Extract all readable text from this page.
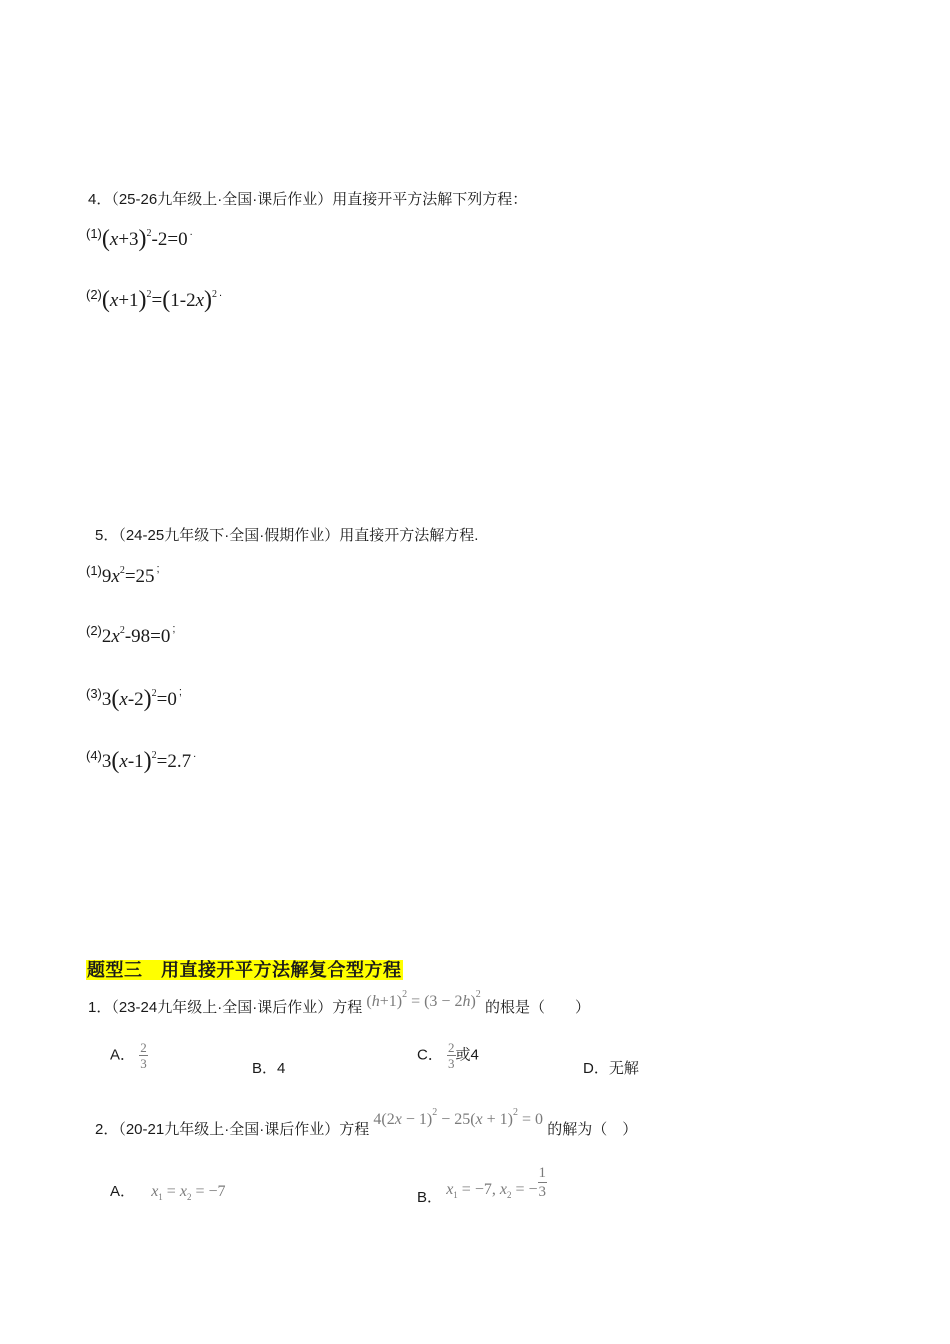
4．（25-26九年级上·全国·课后作业）用直接开平方法解下列方程：
$(1)(x+3)^2-2=0$ .
$(2)(x+1)^2=(1-2x)^2$ .
5．（24-25九年级下·全国·假期作业）用直接开方法解方程.
$(1)9x^2=25$ ;
$(2)2x^2-98=0$ ;
$(3)3(x-2)^2=0$ ;
$(4)3(x-1)^2=2.7$ .
题型三　用直接开平方法解复合型方程
1．（23-24九年级上·全国·课后作业）方程 $(h+1)^2 = (3 - 2h)^2$ 的根是（　　）
A． $\frac{2}{3}$	B．4
C． $\frac{2}{3}$ 或4
D．无解
2．（20-21九年级上·全国·课后作业）方程 $4(2x - 1)^2 - 25(x + 1)^2 = 0$ 的解为（　）
A． $x_1 = x_2 = -7$	B． $x_1 = -7$, $x_2$ = − $\frac{1}{3}$
